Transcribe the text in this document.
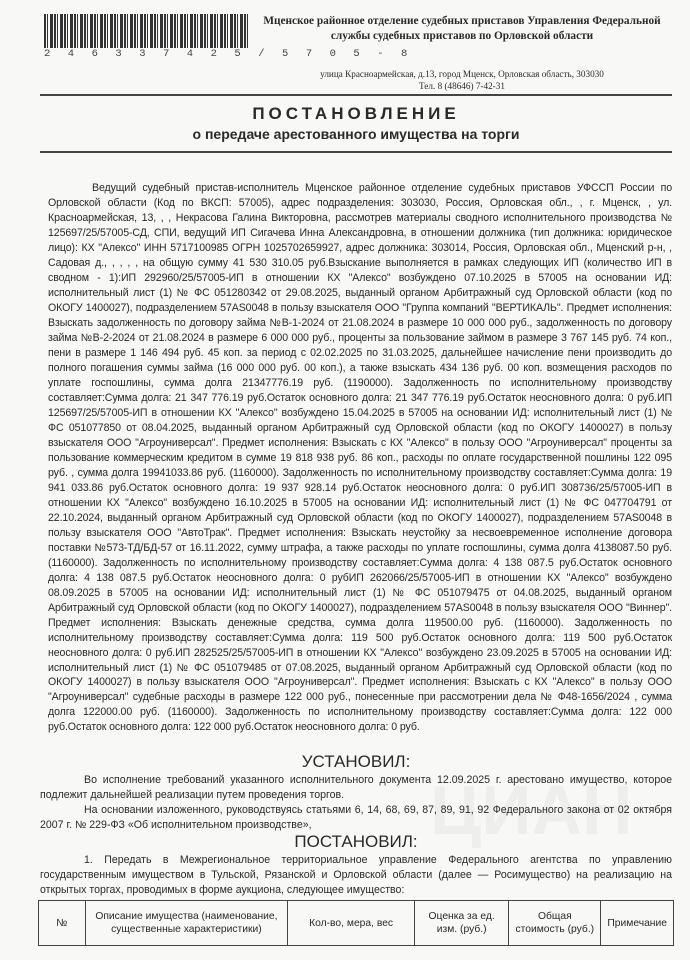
2 4 6 3 3 7 4 2 5 / 5 7 0 5 - 8
Мценское районное отделение судебных приставов Управления Федеральной
службы судебных приставов по Орловской области
улица Красноармейская, д.13, город Мценск, Орловская область, 303030
Тел. 8 (48646) 7-42-31
ПОСТАНОВЛЕНИЕ
о передаче арестованного имущества на торги
Ведущий судебный пристав-исполнитель Мценское районное отделение судебных приставов УФССП России по Орловской области (Код по ВКСП: 57005), адрес подразделения: 303030, Россия, Орловская обл., , г. Мценск, , ул. Красноармейская, 13, , , Некрасова Галина Викторовна, рассмотрев материалы сводного исполнительного производства № 125697/25/57005-СД, СПИ, ведущий ИП Сигачева Инна Александровна, в отношении должника (тип должника: юридическое лицо): КХ "Алексо" ИНН 5717100985 ОГРН 1025702659927, адрес должника: 303014, Россия, Орловская обл., Мценский р-н, , Садовая д., , , , , на общую сумму 41 530 310.05 руб.Взыскание выполняется в рамках следующих ИП (количество ИП в сводном - 1):ИП 292960/25/57005-ИП в отношении КХ "Алексо" возбуждено 07.10.2025 в 57005 на основании ИД: исполнительный лист (1) № ФС 051280342 от 29.08.2025, выданный органом Арбитражный суд Орловской области (код по ОКОГУ 1400027), подразделением 57AS0048 в пользу взыскателя ООО "Группа компаний "ВЕРТИКАЛЬ". Предмет исполнения: Взыскать задолженность по договору займа №В-1-2024 от 21.08.2024 в размере 10 000 000 руб., задолженность по договору займа №В-2-2024 от 21.08.2024 в размере 6 000 000 руб., проценты за пользование займом в размере 3 767 145 руб. 74 коп., пени в размере 1 146 494 руб. 45 коп. за период с 02.02.2025 по 31.03.2025, дальнейшее начисление пени производить до полного погашения суммы займа (16 000 000 руб. 00 коп.), а также взыскать 434 136 руб. 00 коп. возмещения расходов по уплате госпошлины, сумма долга 21347776.19 руб. (1190000). Задолженность по исполнительному производству составляет:Сумма долга: 21 347 776.19 руб.Остаток основного долга: 21 347 776.19 руб.Остаток неосновного долга: 0 руб.ИП 125697/25/57005-ИП в отношении КХ "Алексо" возбуждено 15.04.2025 в 57005 на основании ИД: исполнительный лист (1) № ФС 051077850 от 08.04.2025, выданный органом Арбитражный суд Орловской области (код по ОКОГУ 1400027) в пользу взыскателя ООО "Агроуниверсал". Предмет исполнения: Взыскать с КХ "Алексо" в пользу ООО "Агроуниверсал" проценты за пользование коммерческим кредитом в сумме 19 818 938 руб. 86 коп., расходы по оплате государственной пошлины 122 095 руб. , сумма долга 19941033.86 руб. (1160000). Задолженность по исполнительному производству составляет:Сумма долга: 19 941 033.86 руб.Остаток основного долга: 19 937 928.14 руб.Остаток неосновного долга: 0 руб.ИП 308736/25/57005-ИП в отношении КХ "Алексо" возбуждено 16.10.2025 в 57005 на основании ИД: исполнительный лист (1) № ФС 047704791 от 22.10.2024, выданный органом Арбитражный суд Орловской области (код по ОКОГУ 1400027), подразделением 57AS0048 в пользу взыскателя ООО "АвтоТрак". Предмет исполнения: Взыскать неустойку за несвоевременное исполнение договора поставки №573-ТД/БД-57 от 16.11.2022, сумму штрафа, а также расходы по уплате госпошлины, сумма долга 4138087.50 руб. (1160000). Задолженность по исполнительному производству составляет:Сумма долга: 4 138 087.5 руб.Остаток основного долга: 4 138 087.5 руб.Остаток неосновного долга: 0 рубИП 262066/25/57005-ИП в отношении КХ "Алексо" возбуждено 08.09.2025 в 57005 на основании ИД: исполнительный лист (1) № ФС 051079475 от 04.08.2025, выданный органом Арбитражный суд Орловской области (код по ОКОГУ 1400027), подразделением 57AS0048 в пользу взыскателя ООО "Виннер". Предмет исполнения: Взыскать денежные средства, сумма долга 119500.00 руб. (1160000). Задолженность по исполнительному производству составляет:Сумма долга: 119 500 руб.Остаток основного долга: 119 500 руб.Остаток неосновного долга: 0 руб.ИП 282525/25/57005-ИП в отношении КХ "Алексо" возбуждено 23.09.2025 в 57005 на основании ИД: исполнительный лист (1) № ФС 051079485 от 07.08.2025, выданный органом Арбитражный суд Орловской области (код по ОКОГУ 1400027) в пользу взыскателя ООО "Агроуниверсал". Предмет исполнения: Взыскать с КХ "Алексо" в пользу ООО "Агроуниверсал" судебные расходы в размере 122 000 руб., понесенные при рассмотрении дела № Ф48-1656/2024 , сумма долга 122000.00 руб. (1160000). Задолженность по исполнительному производству составляет:Сумма долга: 122 000 руб.Остаток основного долга: 122 000 руб.Остаток неосновного долга: 0 руб.
УСТАНОВИЛ:
Во исполнение требований указанного исполнительного документа 12.09.2025 г. арестовано имущество, которое подлежит дальнейшей реализации путем проведения торгов.
На основании изложенного, руководствуясь статьями 6, 14, 68, 69, 87, 89, 91, 92 Федерального закона от 02 октября 2007 г. № 229-ФЗ «Об исполнительном производстве»,
ПОСТАНОВИЛ:
1. Передать в Межрегиональное территориальное управление Федерального агентства по управлению государственным имуществом в Тульской, Рязанской и Орловской области (далее — Росимущество) на реализацию на открытых торгах, проводимых в форме аукциона, следующее имущество:
№	Описание имущества (наименование, существенные характеристики)	Кол-во, мера, вес	Оценка за ед. изм. (руб.)	Общая стоимость (руб.)	Примечание
